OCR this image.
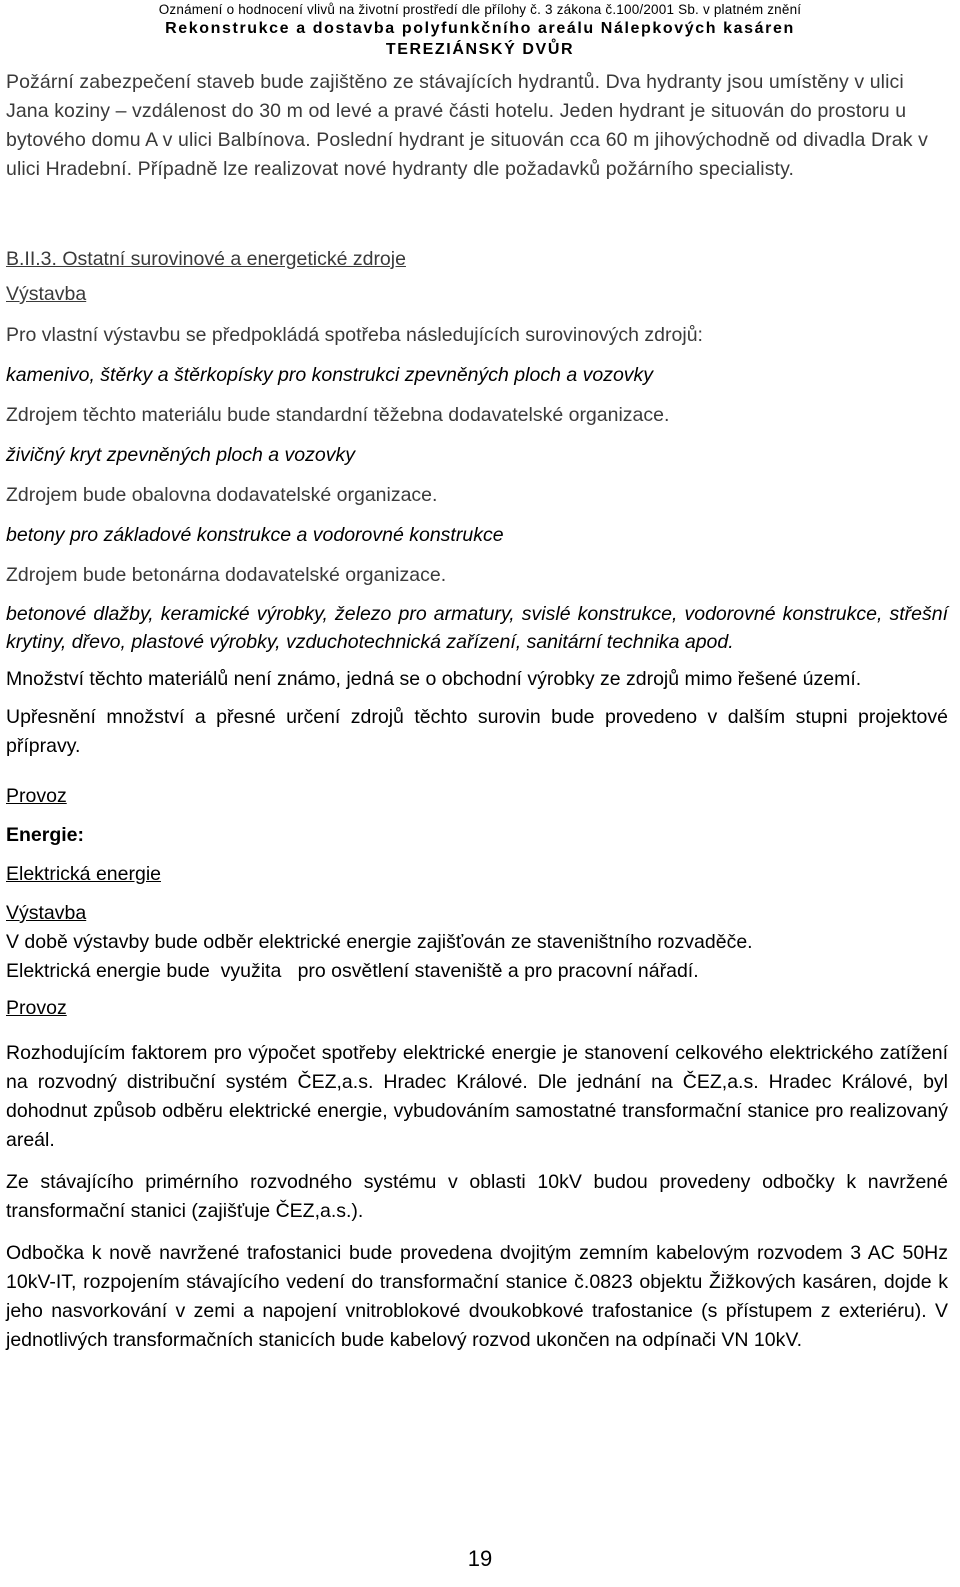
Oznámení o hodnocení vlivů na životní prostředí dle přílohy č. 3 zákona č.100/2001 Sb. v platném znění
Rekonstrukce a dostavba polyfunkčního areálu Nálepkových kasáren
TEREZIÁNSKÝ DVŮR

Požární zabezpečení staveb bude zajištěno ze stávajících hydrantů. Dva hydranty jsou umístěny v ulici Jana koziny – vzdálenost do 30 m od levé a pravé části hotelu. Jeden hydrant je situován do prostoru u bytového domu A v ulici Balbínova. Poslední hydrant je situován cca 60 m jihovýchodně od divadla Drak v ulici Hradební. Případně lze realizovat nové hydranty dle požadavků požárního specialisty.

B.II.3. Ostatní surovinové a energetické zdroje

Výstavba

Pro vlastní výstavbu se předpokládá spotřeba následujících surovinových zdrojů:

kamenivo, štěrky a štěrkopísky pro konstrukci zpevněných ploch a vozovky

Zdrojem těchto materiálu bude standardní těžebna dodavatelské organizace.

živičný kryt zpevněných ploch a vozovky

Zdrojem bude obalovna dodavatelské organizace.

betony pro základové konstrukce a vodorovné konstrukce

Zdrojem bude betonárna dodavatelské organizace.

betonové dlažby, keramické výrobky, železo pro armatury, svislé konstrukce, vodorovné konstrukce, střešní krytiny, dřevo, plastové výrobky, vzduchotechnická zařízení, sanitární technika apod.

Množství těchto materiálů není známo, jedná se o obchodní výrobky ze zdrojů mimo řešené území.

Upřesnění množství a přesné určení zdrojů těchto surovin bude provedeno v dalším stupni projektové přípravy.

Provoz

Energie:

Elektrická energie

Výstavba

V době výstavby bude odběr elektrické energie zajišťován ze staveništního rozvaděče.

Elektrická energie bude  využita   pro osvětlení staveniště a pro pracovní nářadí.

Provoz

Rozhodujícím faktorem pro výpočet spotřeby elektrické energie je stanovení celkového elektrického zatížení na rozvodný distribuční systém ČEZ,a.s. Hradec Králové. Dle jednání na ČEZ,a.s. Hradec Králové, byl dohodnut způsob odběru elektrické energie, vybudováním samostatné transformační stanice pro realizovaný areál.

Ze stávajícího primérního rozvodného systému v oblasti 10kV budou provedeny odbočky k navržené transformační stanici (zajišťuje ČEZ,a.s.).

Odbočka k nově navržené trafostanici bude provedena dvojitým zemním kabelovým rozvodem 3 AC 50Hz 10kV-IT, rozpojením stávajícího vedení do transformační stanice č.0823 objektu Žižkových kasáren, dojde k jeho nasvorkování v zemi a napojení vnitroblokové dvoukobkové trafostanice (s přístupem z exteriéru). V jednotlivých transformačních stanicích bude kabelový rozvod ukončen na odpínači VN 10kV.

19
